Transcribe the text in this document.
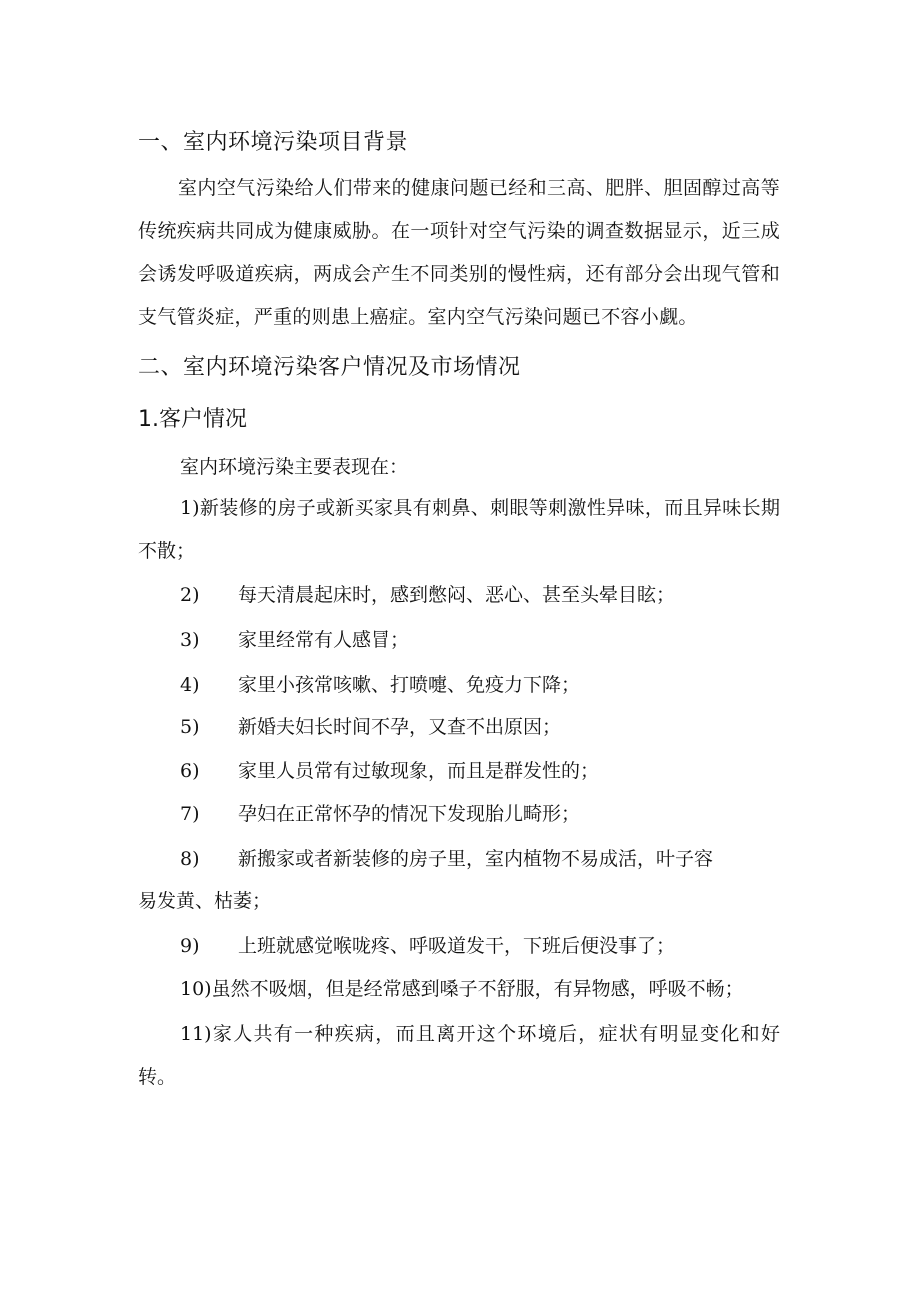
一、室内环境污染项目背景
室内空气污染给人们带来的健康问题已经和三高、肥胖、胆固醇过高等传统疾病共同成为健康威胁。在一项针对空气污染的调查数据显示，近三成会诱发呼吸道疾病，两成会产生不同类别的慢性病，还有部分会出现气管和支气管炎症，严重的则患上癌症。室内空气污染问题已不容小觑。
二、室内环境污染客户情况及市场情况
1.客户情况
室内环境污染主要表现在：
1)新装修的房子或新买家具有刺鼻、刺眼等刺激性异味，而且异味长期不散；
2) 每天清晨起床时，感到憋闷、恶心、甚至头晕目眩；
3) 家里经常有人感冒；
4) 家里小孩常咳嗽、打喷嚏、免疫力下降；
5) 新婚夫妇长时间不孕，又查不出原因；
6) 家里人员常有过敏现象，而且是群发性的；
7) 孕妇在正常怀孕的情况下发现胎儿畸形；
8) 新搬家或者新装修的房子里，室内植物不易成活，叶子容
易发黄、枯萎；
9) 上班就感觉喉咙疼、呼吸道发干，下班后便没事了；
10)虽然不吸烟，但是经常感到嗓子不舒服，有异物感，呼吸不畅；
11)家人共有一种疾病，而且离开这个环境后，症状有明显变化和好转。
